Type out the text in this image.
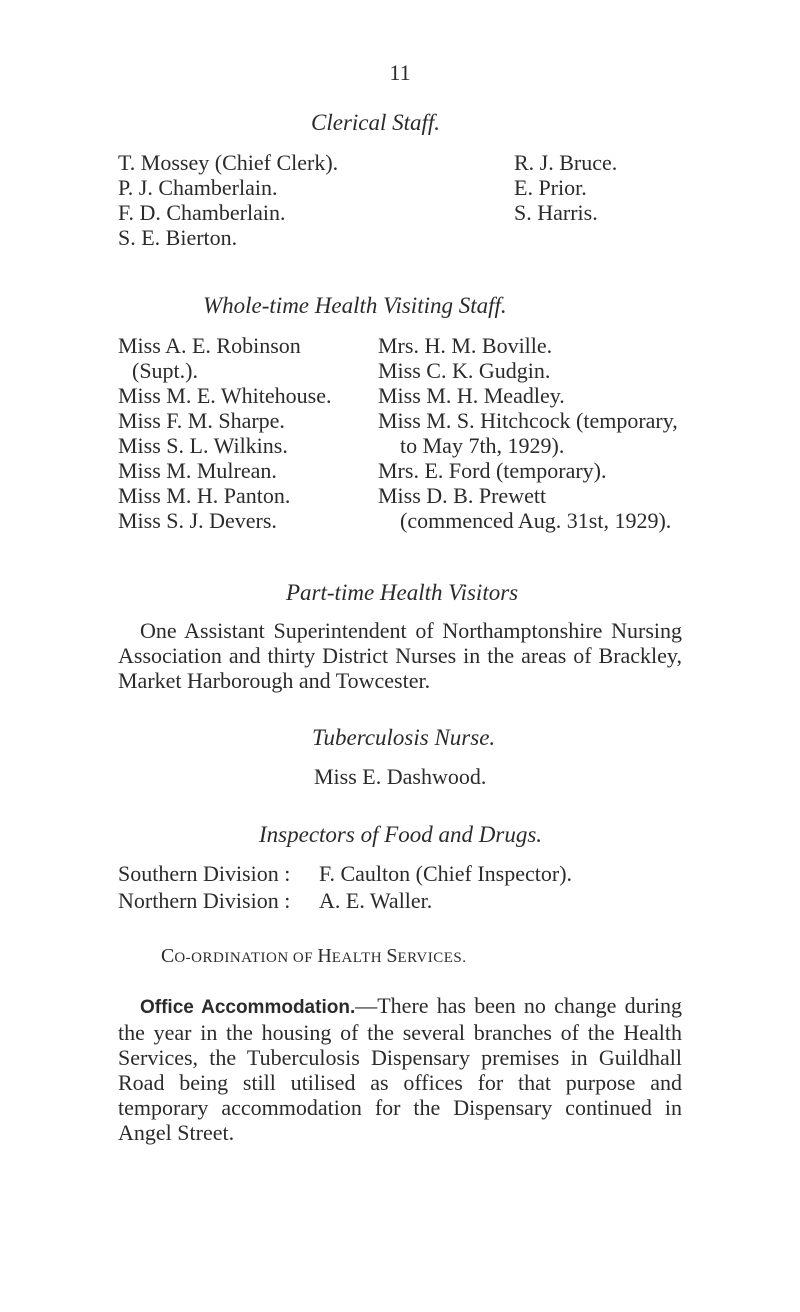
11
Clerical Staff.
T. Mossey (Chief Clerk).
P. J. Chamberlain.
F. D. Chamberlain.
S. E. Bierton.
R. J. Bruce.
E. Prior.
S. Harris.
Whole-time Health Visiting Staff.
Miss A. E. Robinson
(Supt.).
Miss M. E. Whitehouse.
Miss F. M. Sharpe.
Miss S. L. Wilkins.
Miss M. Mulrean.
Miss M. H. Panton.
Miss S. J. Devers.
Mrs. H. M. Boville.
Miss C. K. Gudgin.
Miss M. H. Meadley.
Miss M. S. Hitchcock (temporary,
to May 7th, 1929).
Mrs. E. Ford (temporary).
Miss D. B. Prewett
(commenced Aug. 31st, 1929).
Part-time Health Visitors
One Assistant Superintendent of Northamptonshire Nursing Association and thirty District Nurses in the areas of Brackley, Market Harborough and Towcester.
Tuberculosis Nurse.
Miss E. Dashwood.
Inspectors of Food and Drugs.
Southern Division : F. Caulton (Chief Inspector).
Northern Division : A. E. Waller.
CO-ORDINATION OF HEALTH SERVICES.
Office Accommodation.—There has been no change during the year in the housing of the several branches of the Health Services, the Tuberculosis Dispensary premises in Guildhall Road being still utilised as offices for that purpose and temporary accommodation for the Dispensary continued in Angel Street.
